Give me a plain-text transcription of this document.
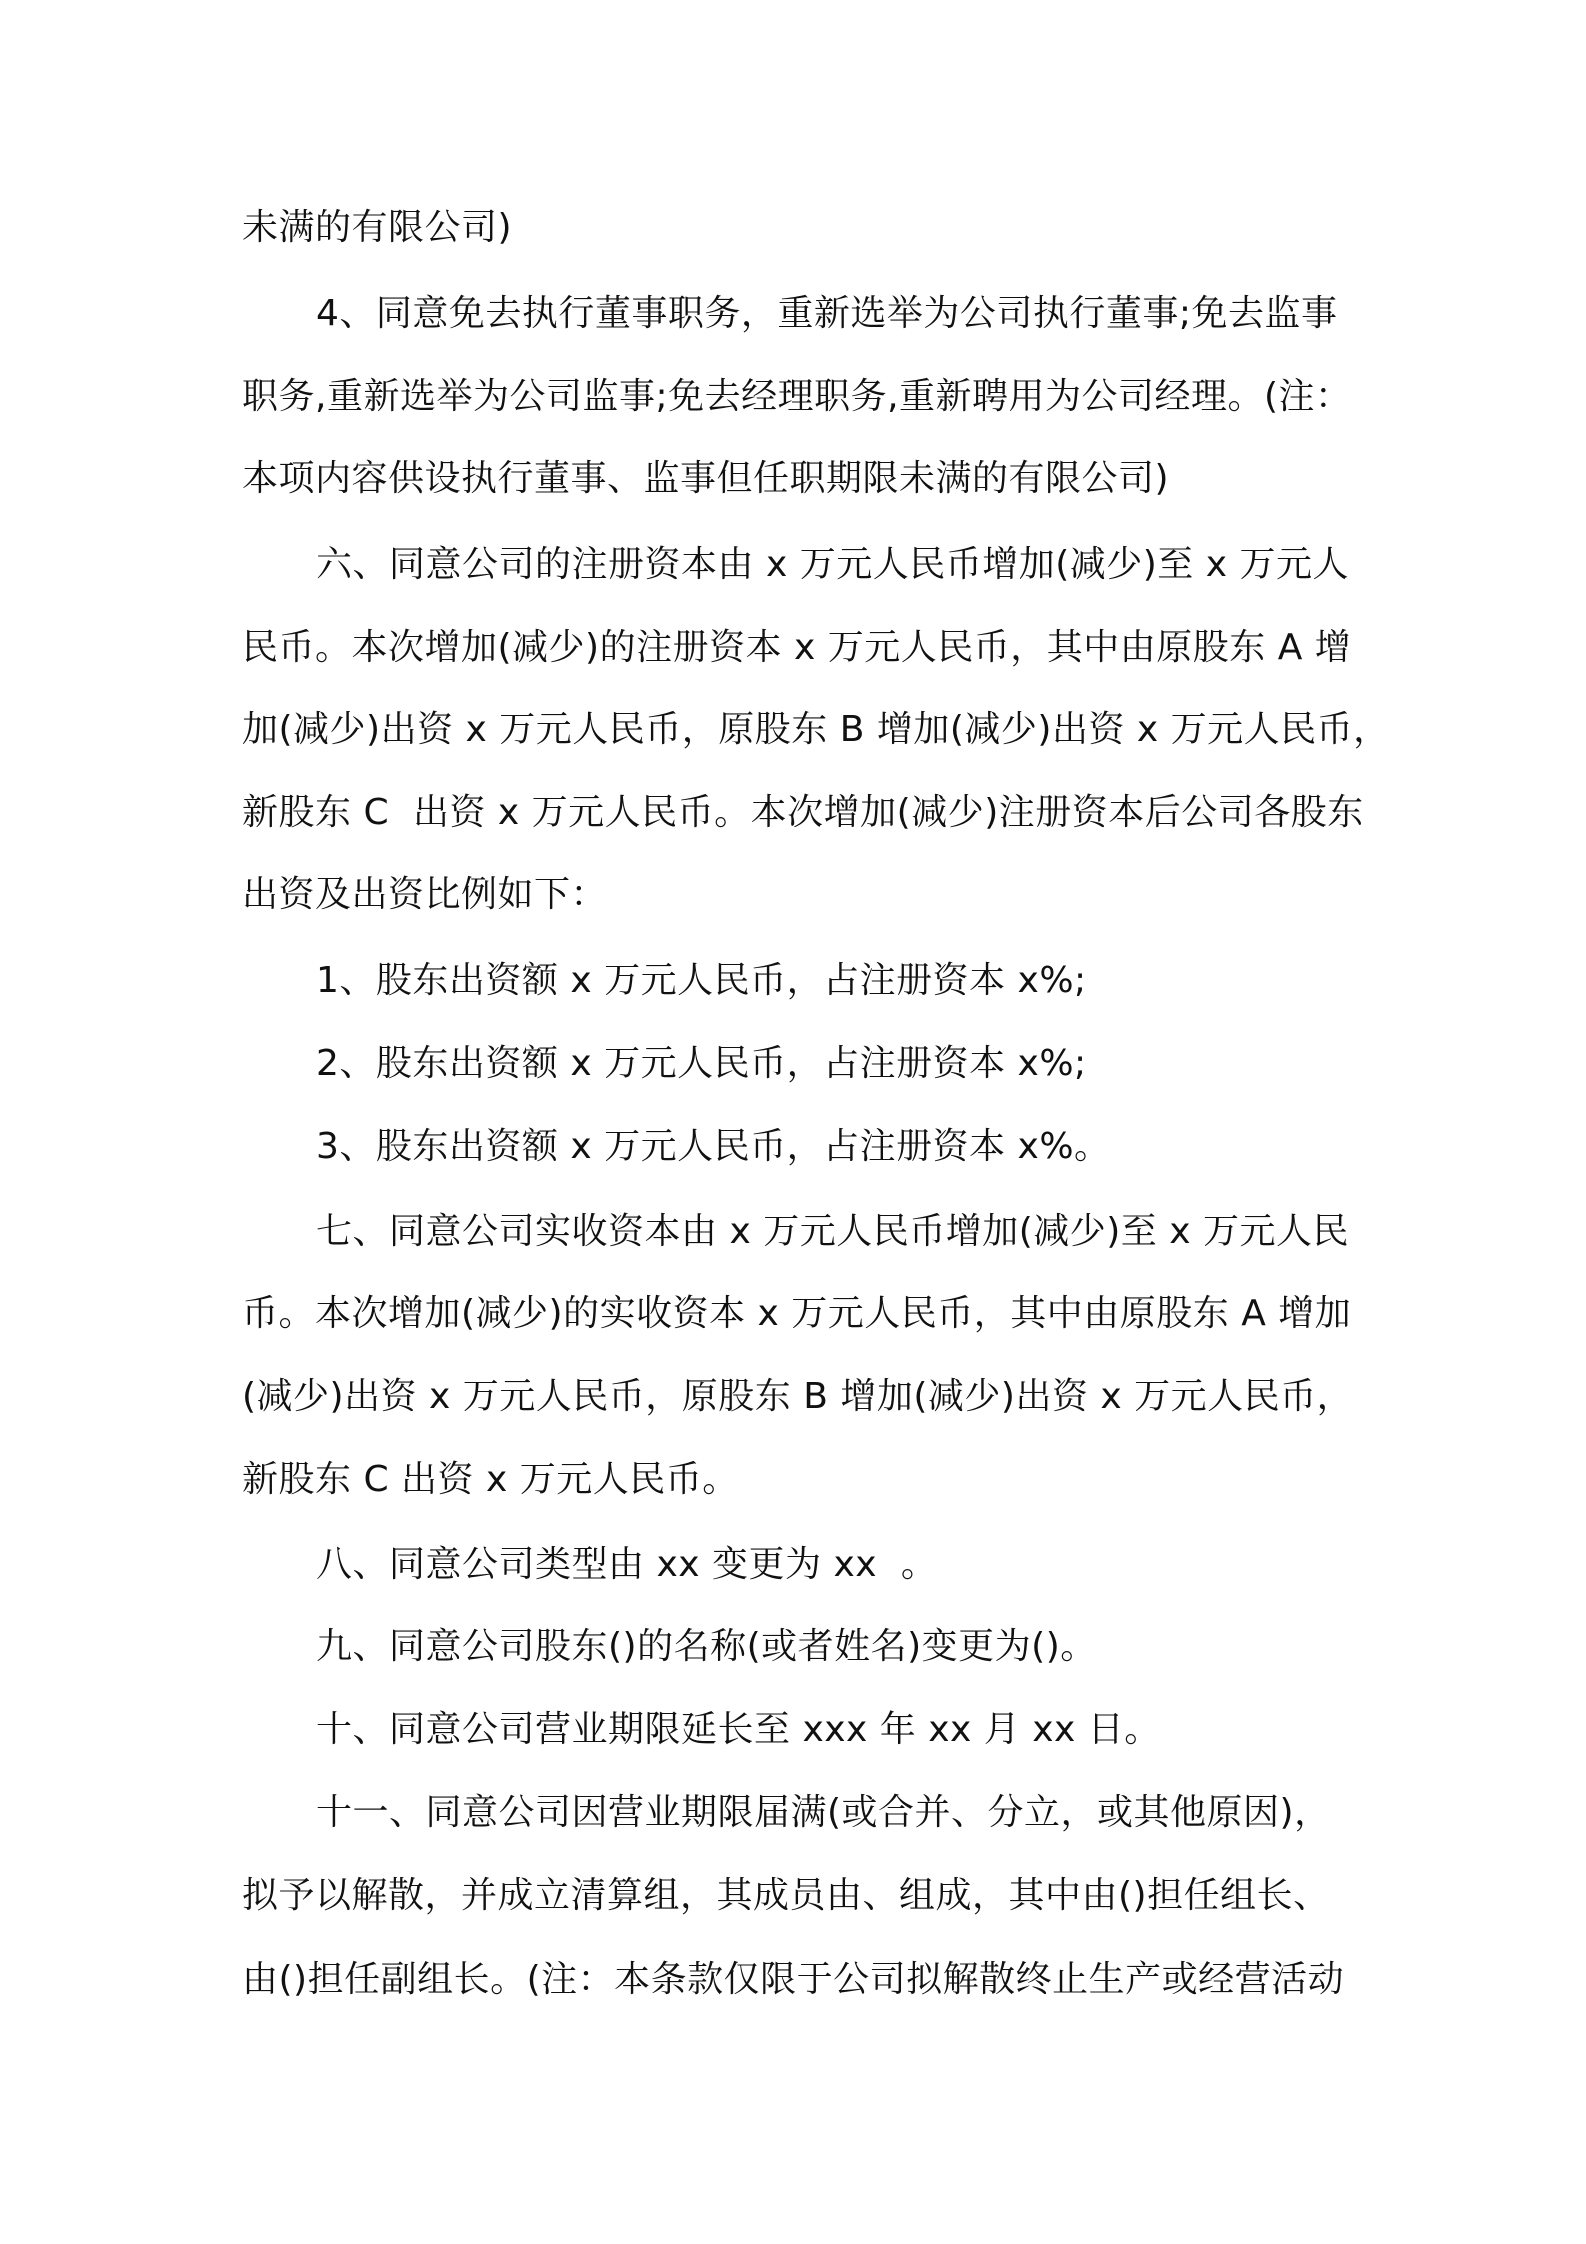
未满的有限公司)
4、同意免去执行董事职务，重新选举为公司执行董事;免去监事
职务,重新选举为公司监事;免去经理职务,重新聘用为公司经理。(注：
本项内容供设执行董事、监事但任职期限未满的有限公司)
六、同意公司的注册资本由 x 万元人民币增加(减少)至 x 万元人
民币。本次增加(减少)的注册资本 x 万元人民币，其中由原股东 A 增
加(减少)出资 x 万元人民币，原股东 B 增加(减少)出资 x 万元人民币，
新股东 C  出资 x 万元人民币。本次增加(减少)注册资本后公司各股东
出资及出资比例如下：
1、股东出资额 x 万元人民币，占注册资本 x%;
2、股东出资额 x 万元人民币，占注册资本 x%;
3、股东出资额 x 万元人民币，占注册资本 x%。
七、同意公司实收资本由 x 万元人民币增加(减少)至 x 万元人民
币。本次增加(减少)的实收资本 x 万元人民币，其中由原股东 A 增加
(减少)出资 x 万元人民币，原股东 B 增加(减少)出资 x 万元人民币，
新股东 C 出资 x 万元人民币。
八、同意公司类型由 xx 变更为 xx  。
九、同意公司股东()的名称(或者姓名)变更为()。
十、同意公司营业期限延长至 xxx 年 xx 月 xx 日。
十一、同意公司因营业期限届满(或合并、分立，或其他原因)，
拟予以解散，并成立清算组，其成员由、组成，其中由()担任组长、
由()担任副组长。(注：本条款仅限于公司拟解散终止生产或经营活动
